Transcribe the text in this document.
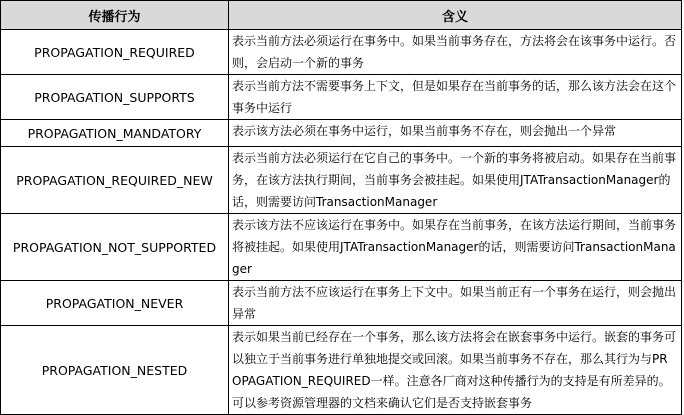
传播行为	含义
PROPAGATION_REQUIRED	表示当前方法必须运行在事务中。如果当前事务存在，方法将会在该事务中运行。否则，会启动一个新的事务
PROPAGATION_SUPPORTS	表示当前方法不需要事务上下文，但是如果存在当前事务的话，那么该方法会在这个事务中运行
PROPAGATION_MANDATORY	表示该方法必须在事务中运行，如果当前事务不存在，则会抛出一个异常
PROPAGATION_REQUIRED_NEW	表示当前方法必须运行在它自己的事务中。一个新的事务将被启动。如果存在当前事务，在该方法执行期间，当前事务会被挂起。如果使用JTATransactionManager的话，则需要访问TransactionManager
PROPAGATION_NOT_SUPPORTED	表示该方法不应该运行在事务中。如果存在当前事务，在该方法运行期间，当前事务将被挂起。如果使用JTATransactionManager的话，则需要访问TransactionManager
PROPAGATION_NEVER	表示当前方法不应该运行在事务上下文中。如果当前正有一个事务在运行，则会抛出异常
PROPAGATION_NESTED	表示如果当前已经存在一个事务，那么该方法将会在嵌套事务中运行。嵌套的事务可以独立于当前事务进行单独地提交或回滚。如果当前事务不存在，那么其行为与PROPAGATION_REQUIRED一样。注意各厂商对这种传播行为的支持是有所差异的。可以参考资源管理器的文档来确认它们是否支持嵌套事务
